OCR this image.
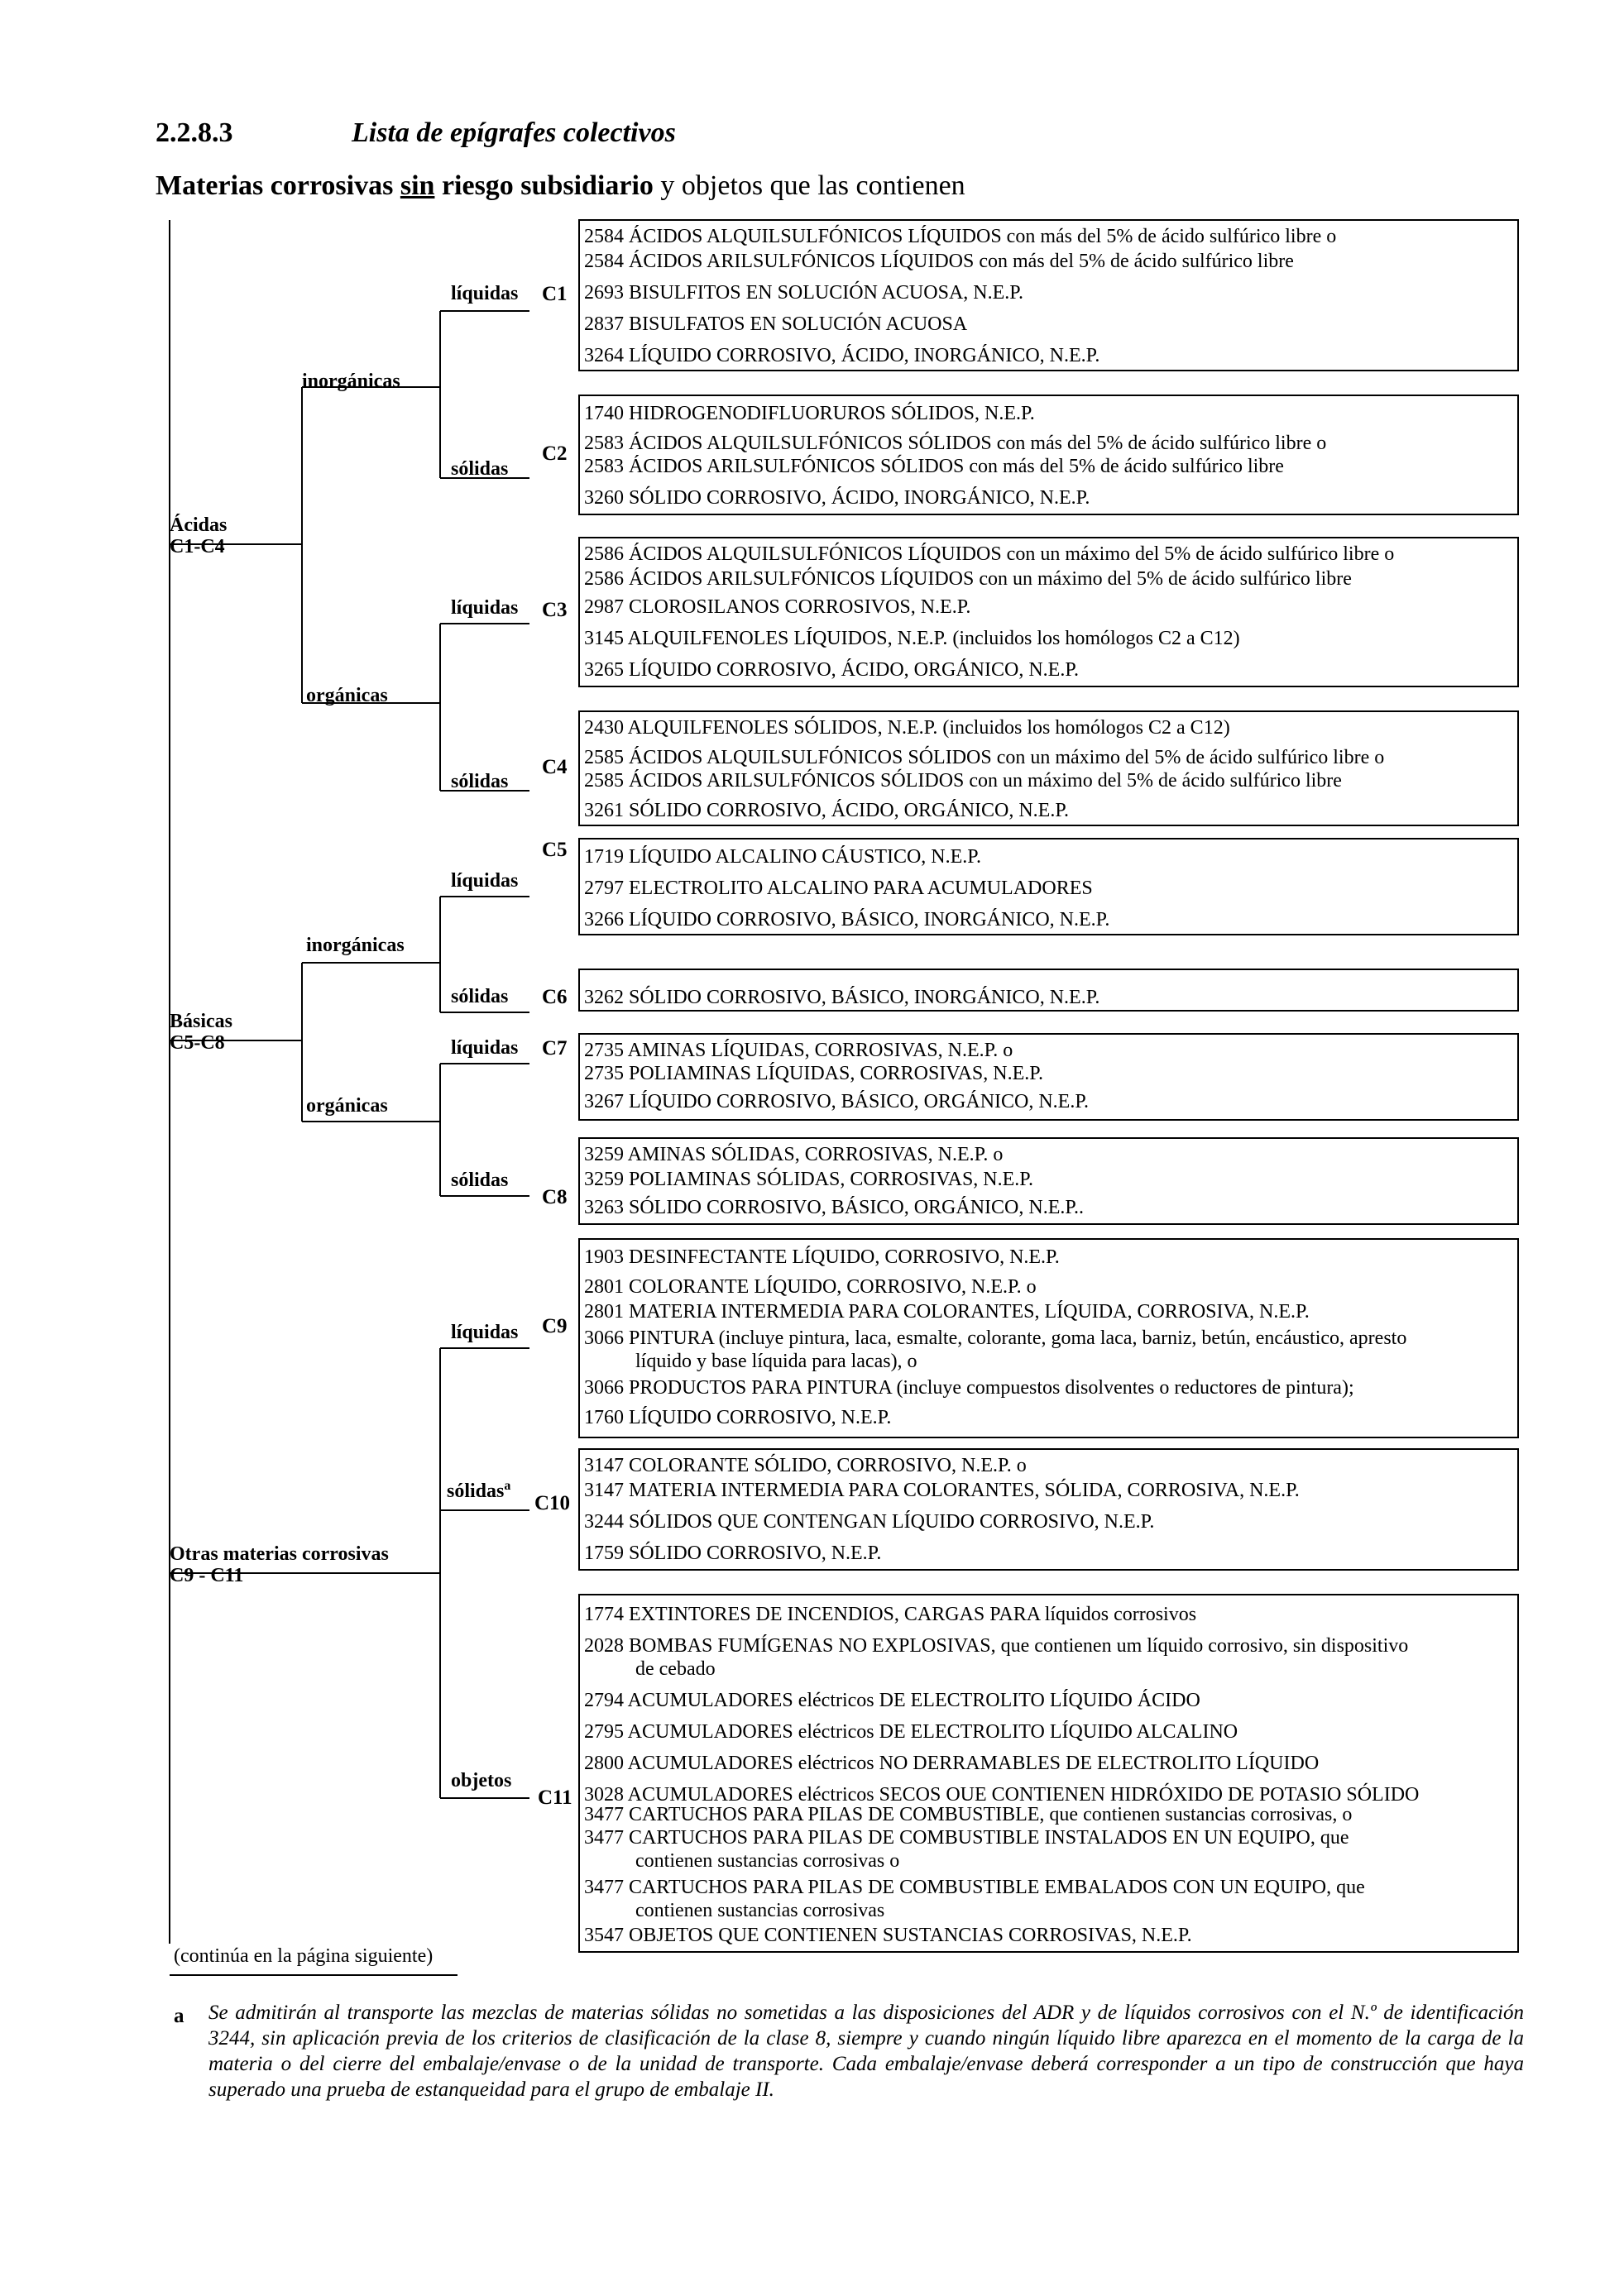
2.2.8.3	Lista de epígrafes colectivos
Materias corrosivas sin riesgo subsidiario y objetos que las contienen
Ácidas
C1-C4
inorgánicas
orgánicas
líquidas C1
sólidas
C2
líquidas C3
sólidas
C4
Básicas
C5-C8
inorgánicas
orgánicas
C5
líquidas
sólidas C6
líquidas C7
sólidas
C8
Otras materias corrosivas
C9 - C11
líquidas C9
sólidas$^a$
C10
objetos
C11
2584 ÁCIDOS ALQUILSULFÓNICOS LÍQUIDOS con más del 5% de ácido sulfúrico libre o
2584 ÁCIDOS ARILSULFÓNICOS LÍQUIDOS con más del 5% de ácido sulfúrico libre
2693 BISULFITOS EN SOLUCIÓN ACUOSA, N.E.P.
2837 BISULFATOS EN SOLUCIÓN ACUOSA
3264 LÍQUIDO CORROSIVO, ÁCIDO, INORGÁNICO, N.E.P.
1740 HIDROGENODIFLUORUROS SÓLIDOS, N.E.P.
2583 ÁCIDOS ALQUILSULFÓNICOS SÓLIDOS con más del 5% de ácido sulfúrico libre o
2583 ÁCIDOS ARILSULFÓNICOS SÓLIDOS con más del 5% de ácido sulfúrico libre
3260 SÓLIDO CORROSIVO, ÁCIDO, INORGÁNICO, N.E.P.
2586 ÁCIDOS ALQUILSULFÓNICOS LÍQUIDOS con un máximo del 5% de ácido sulfúrico libre o
2586 ÁCIDOS ARILSULFÓNICOS LÍQUIDOS con un máximo del 5% de ácido sulfúrico libre
2987 CLOROSILANOS CORROSIVOS, N.E.P.
3145 ALQUILFENOLES LÍQUIDOS, N.E.P. (incluidos los homólogos C2 a C12)
3265 LÍQUIDO CORROSIVO, ÁCIDO, ORGÁNICO, N.E.P.
2430 ALQUILFENOLES SÓLIDOS, N.E.P. (incluidos los homólogos C2 a C12)
2585 ÁCIDOS ALQUILSULFÓNICOS SÓLIDOS con un máximo del 5% de ácido sulfúrico libre o
2585 ÁCIDOS ARILSULFÓNICOS SÓLIDOS con un máximo del 5% de ácido sulfúrico libre
3261 SÓLIDO CORROSIVO, ÁCIDO, ORGÁNICO, N.E.P.
1719 LÍQUIDO ALCALINO CÁUSTICO, N.E.P.
2797 ELECTROLITO ALCALINO PARA ACUMULADORES
3266 LÍQUIDO CORROSIVO, BÁSICO, INORGÁNICO, N.E.P.
3262 SÓLIDO CORROSIVO, BÁSICO, INORGÁNICO, N.E.P.
2735 AMINAS LÍQUIDAS, CORROSIVAS, N.E.P. o
2735 POLIAMINAS LÍQUIDAS, CORROSIVAS, N.E.P.
3267 LÍQUIDO CORROSIVO, BÁSICO, ORGÁNICO, N.E.P.
3259 AMINAS SÓLIDAS, CORROSIVAS, N.E.P. o
3259 POLIAMINAS SÓLIDAS, CORROSIVAS, N.E.P.
3263 SÓLIDO CORROSIVO, BÁSICO, ORGÁNICO, N.E.P..
1903 DESINFECTANTE LÍQUIDO, CORROSIVO, N.E.P.
2801 COLORANTE LÍQUIDO, CORROSIVO, N.E.P. o
2801 MATERIA INTERMEDIA PARA COLORANTES, LÍQUIDA, CORROSIVA, N.E.P.
3066 PINTURA (incluye pintura, laca, esmalte, colorante, goma laca, barniz, betún, encáustico, apresto
líquido y base líquida para lacas), o
3066 PRODUCTOS PARA PINTURA (incluye compuestos disolventes o reductores de pintura);
1760 LÍQUIDO CORROSIVO, N.E.P.
3147 COLORANTE SÓLIDO, CORROSIVO, N.E.P. o
3147 MATERIA INTERMEDIA PARA COLORANTES, SÓLIDA, CORROSIVA, N.E.P.
3244 SÓLIDOS QUE CONTENGAN LÍQUIDO CORROSIVO, N.E.P.
1759 SÓLIDO CORROSIVO, N.E.P.
1774 EXTINTORES DE INCENDIOS, CARGAS PARA líquidos corrosivos
2028 BOMBAS FUMÍGENAS NO EXPLOSIVAS, que contienen um líquido corrosivo, sin dispositivo
de cebado
2794 ACUMULADORES eléctricos DE ELECTROLITO LÍQUIDO ÁCIDO
2795 ACUMULADORES eléctricos DE ELECTROLITO LÍQUIDO ALCALINO
2800 ACUMULADORES eléctricos NO DERRAMABLES DE ELECTROLITO LÍQUIDO
3028 ACUMULADORES eléctricos SECOS OUE CONTIENEN HIDRÓXIDO DE POTASIO SÓLIDO
3477 CARTUCHOS PARA PILAS DE COMBUSTIBLE, que contienen sustancias corrosivas, o
3477 CARTUCHOS PARA PILAS DE COMBUSTIBLE INSTALADOS EN UN EQUIPO, que
contienen sustancias corrosivas o
3477 CARTUCHOS PARA PILAS DE COMBUSTIBLE EMBALADOS CON UN EQUIPO, que
contienen sustancias corrosivas
3547 OBJETOS QUE CONTIENEN SUSTANCIAS CORROSIVAS, N.E.P.
(continúa en la página siguiente)
a Se admitirán al transporte las mezclas de materias sólidas no sometidas a las disposiciones del ADR y de líquidos corrosivos con el N.º de identificación 3244, sin aplicación previa de los criterios de clasificación de la clase 8, siempre y cuando ningún líquido libre aparezca en el momento de la carga de la materia o del cierre del embalaje/envase o de la unidad de transporte. Cada embalaje/envase deberá corresponder a un tipo de construcción que haya superado una prueba de estanqueidad para el grupo de embalaje II.
